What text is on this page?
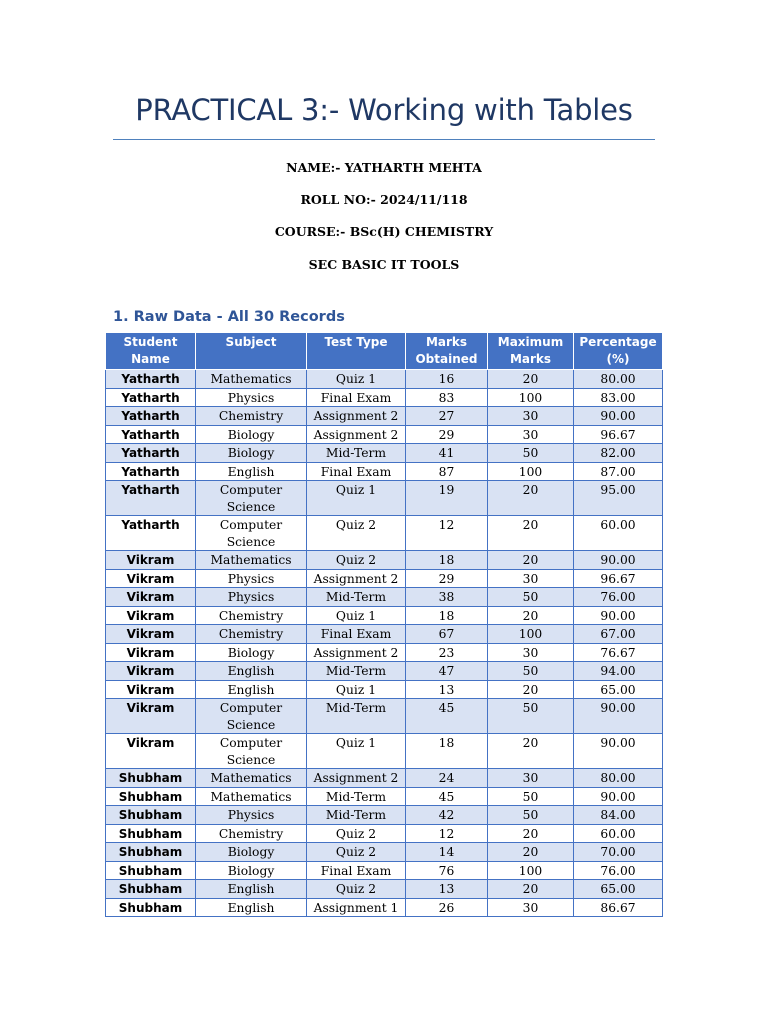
PRACTICAL 3:- Working with Tables
NAME:- YATHARTH MEHTA
ROLL NO:- 2024/11/118
COURSE:- BSc(H) CHEMISTRY
SEC BASIC IT TOOLS
1. Raw Data - All 30 Records
Student Name	Subject	Test Type	Marks Obtained	Maximum Marks	Percentage (%)
Yatharth	Mathematics	Quiz 1	16	20	80.00
Yatharth	Physics	Final Exam	83	100	83.00
Yatharth	Chemistry	Assignment 2	27	30	90.00
Yatharth	Biology	Assignment 2	29	30	96.67
Yatharth	Biology	Mid-Term	41	50	82.00
Yatharth	English	Final Exam	87	100	87.00
Yatharth	Computer Science	Quiz 1	19	20	95.00
Yatharth	Computer Science	Quiz 2	12	20	60.00
Vikram	Mathematics	Quiz 2	18	20	90.00
Vikram	Physics	Assignment 2	29	30	96.67
Vikram	Physics	Mid-Term	38	50	76.00
Vikram	Chemistry	Quiz 1	18	20	90.00
Vikram	Chemistry	Final Exam	67	100	67.00
Vikram	Biology	Assignment 2	23	30	76.67
Vikram	English	Mid-Term	47	50	94.00
Vikram	English	Quiz 1	13	20	65.00
Vikram	Computer Science	Mid-Term	45	50	90.00
Vikram	Computer Science	Quiz 1	18	20	90.00
Shubham	Mathematics	Assignment 2	24	30	80.00
Shubham	Mathematics	Mid-Term	45	50	90.00
Shubham	Physics	Mid-Term	42	50	84.00
Shubham	Chemistry	Quiz 2	12	20	60.00
Shubham	Biology	Quiz 2	14	20	70.00
Shubham	Biology	Final Exam	76	100	76.00
Shubham	English	Quiz 2	13	20	65.00
Shubham	English	Assignment 1	26	30	86.67
